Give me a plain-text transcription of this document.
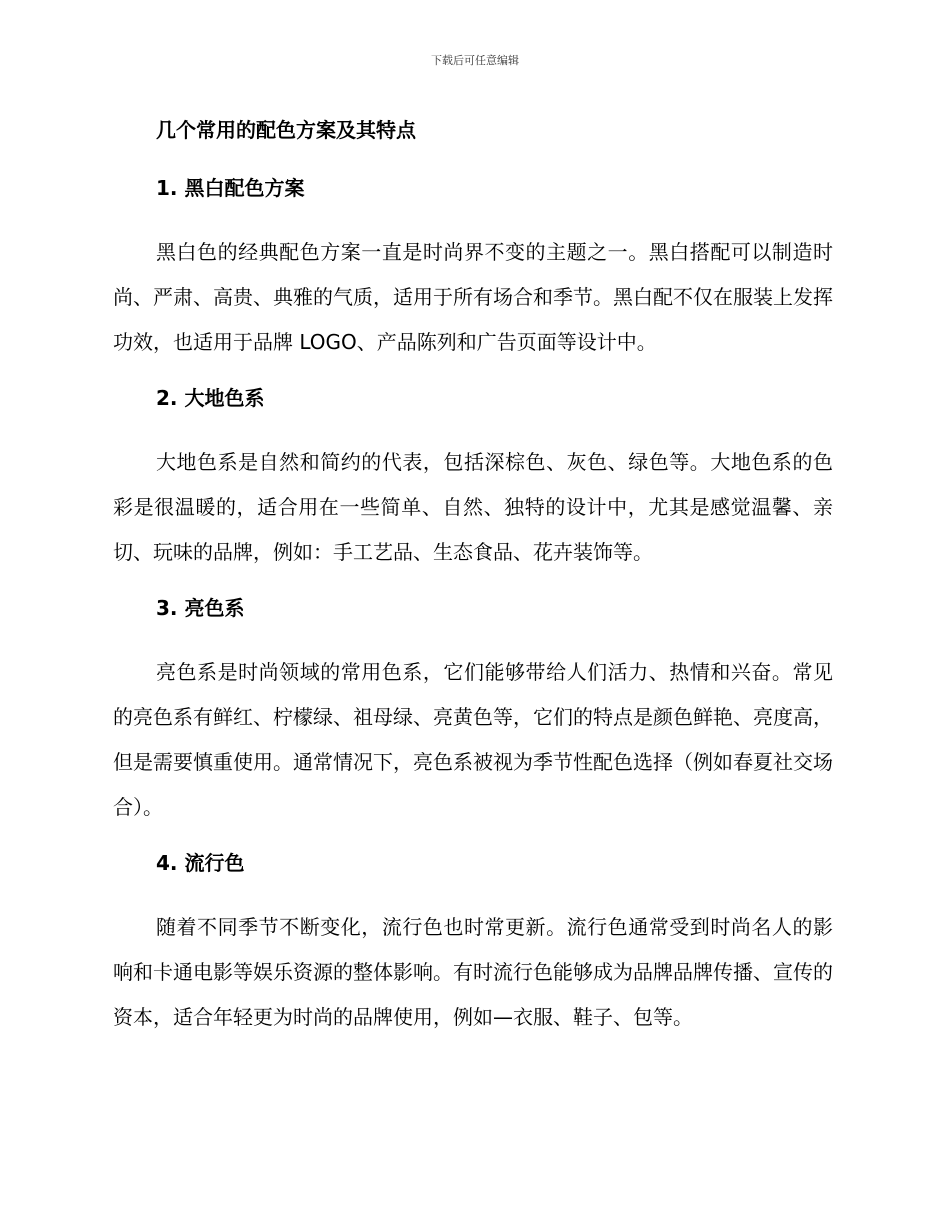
下载后可任意编辑
几个常用的配色方案及其特点
1. 黑白配色方案

黑白色的经典配色方案一直是时尚界不变的主题之一。黑白搭配可以制造时尚、严肃、高贵、典雅的气质，适用于所有场合和季节。黑白配不仅在服装上发挥功效，也适用于品牌 LOGO、产品陈列和广告页面等设计中。

2. 大地色系

大地色系是自然和简约的代表，包括深棕色、灰色、绿色等。大地色系的色彩是很温暖的，适合用在一些简单、自然、独特的设计中，尤其是感觉温馨、亲切、玩味的品牌，例如：手工艺品、生态食品、花卉装饰等。

3. 亮色系

亮色系是时尚领域的常用色系，它们能够带给人们活力、热情和兴奋。常见的亮色系有鲜红、柠檬绿、祖母绿、亮黄色等，它们的特点是颜色鲜艳、亮度高，但是需要慎重使用。通常情况下，亮色系被视为季节性配色选择（例如春夏社交场合）。

4. 流行色

随着不同季节不断变化，流行色也时常更新。流行色通常受到时尚名人的影响和卡通电影等娱乐资源的整体影响。有时流行色能够成为品牌品牌传播、宣传的资本，适合年轻更为时尚的品牌使用，例如—衣服、鞋子、包等。
